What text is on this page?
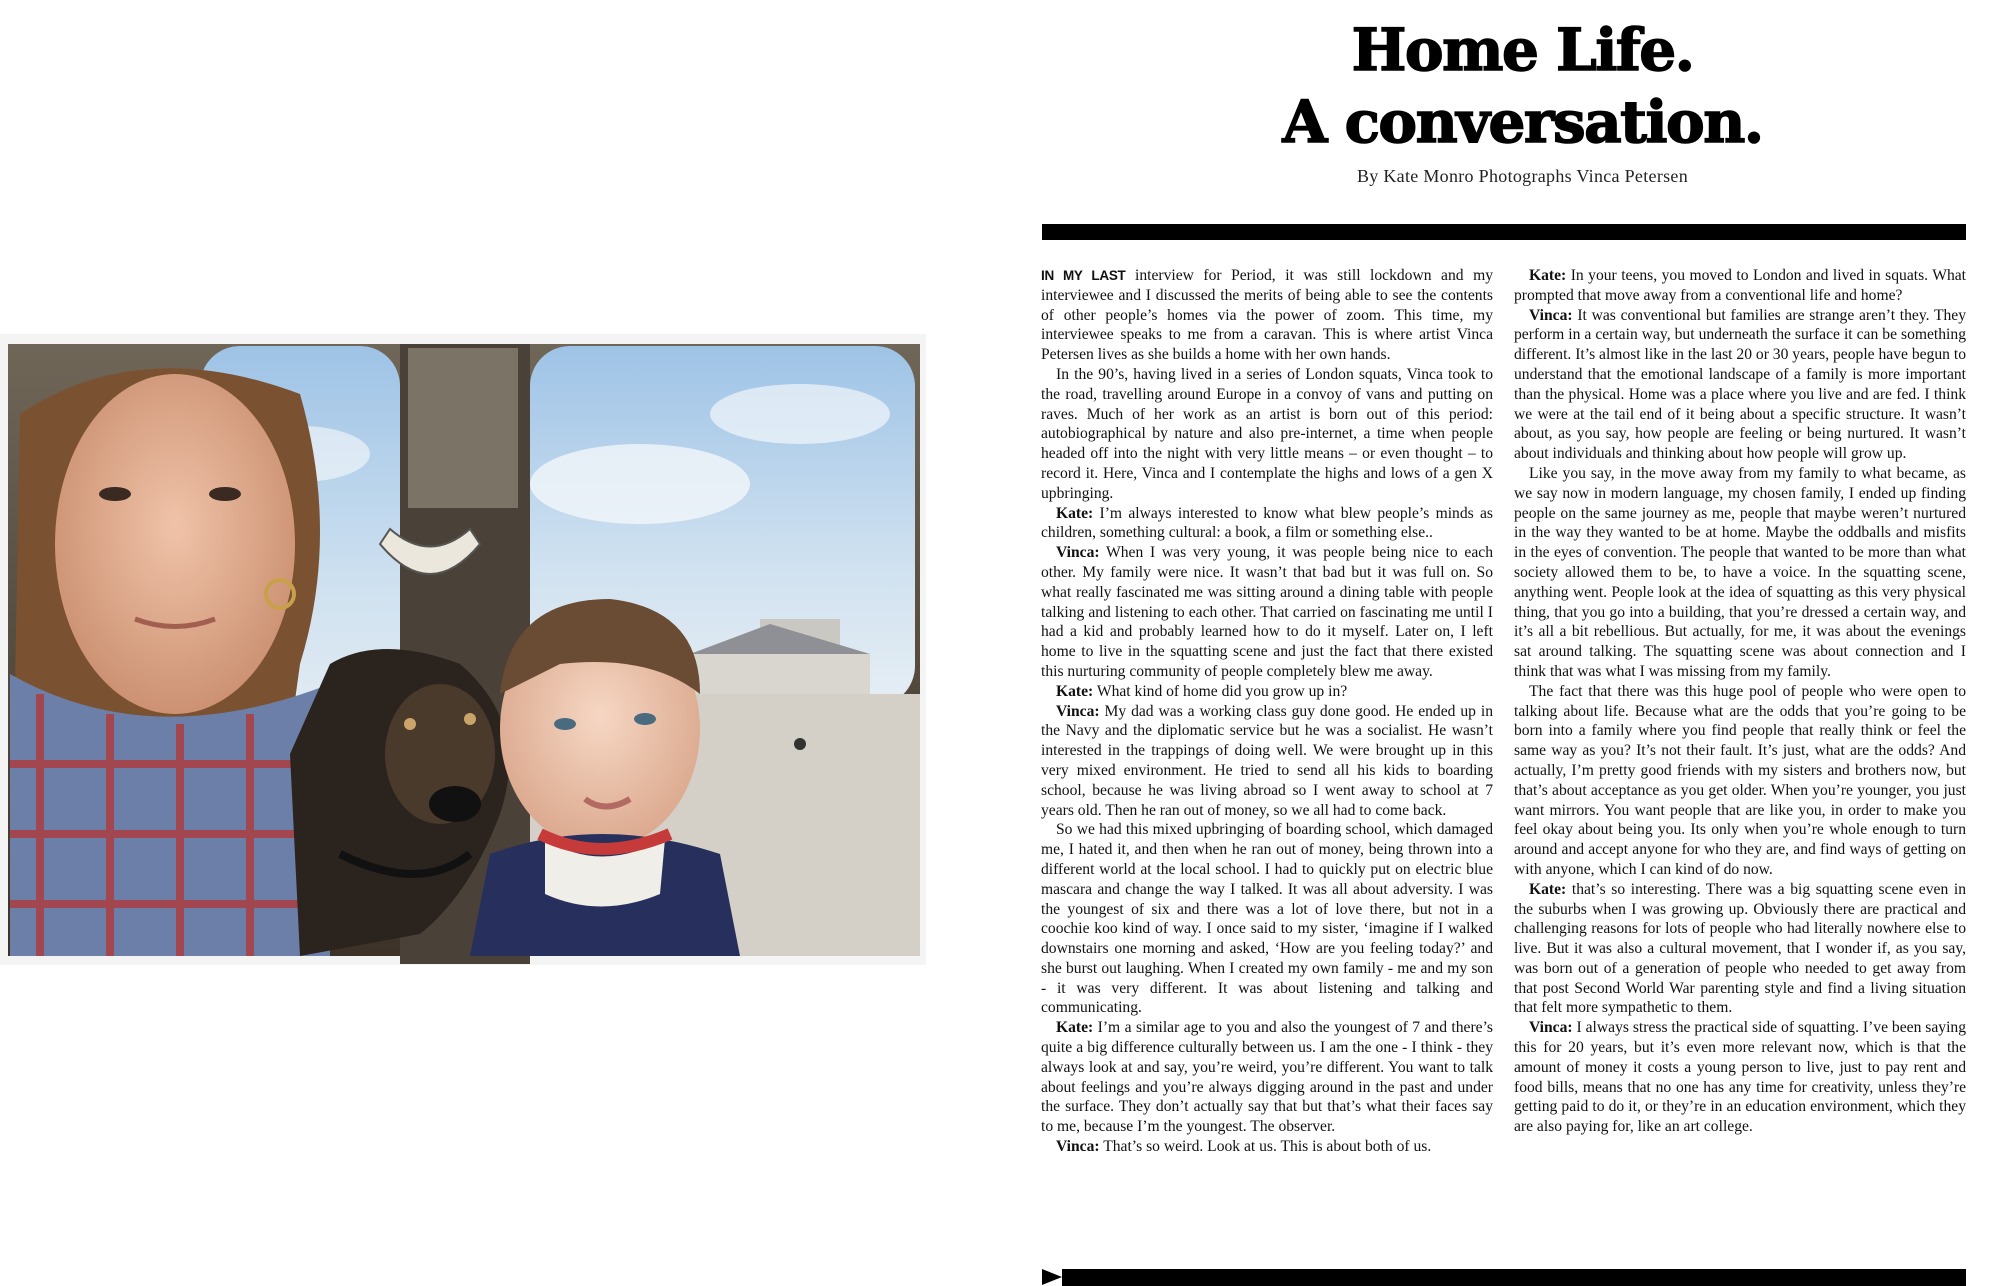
Home Life.
A conversation.
By Kate Monro Photographs Vinca Petersen

IN MY LAST interview for Period, it was still lockdown and my interviewee and I discussed the merits of being able to see the contents of other people’s homes via the power of zoom. This time, my interviewee speaks to me from a caravan. This is where artist Vinca Petersen lives as she builds a home with her own hands.

In the 90’s, having lived in a series of London squats, Vinca took to the road, travelling around Europe in a convoy of vans and putting on raves. Much of her work as an artist is born out of this period: autobiographical by nature and also pre-internet, a time when people headed off into the night with very little means – or even thought – to record it. Here, Vinca and I contemplate the highs and lows of a gen X upbringing.

Kate: I’m always interested to know what blew people’s minds as children, something cultural: a book, a film or something else..

Vinca: When I was very young, it was people being nice to each other. My family were nice. It wasn’t that bad but it was full on. So what really fascinated me was sitting around a dining table with people talking and listening to each other. That carried on fascinating me until I had a kid and probably learned how to do it myself. Later on, I left home to live in the squatting scene and just the fact that there existed this nurturing community of people completely blew me away.

Kate: What kind of home did you grow up in?

Vinca: My dad was a working class guy done good. He ended up in the Navy and the diplomatic service but he was a socialist. He wasn’t interested in the trappings of doing well. We were brought up in this very mixed environment. He tried to send all his kids to boarding school, because he was living abroad so I went away to school at 7 years old. Then he ran out of money, so we all had to come back.

So we had this mixed upbringing of boarding school, which damaged me, I hated it, and then when he ran out of money, being thrown into a different world at the local school. I had to quickly put on electric blue mascara and change the way I talked. It was all about adversity. I was the youngest of six and there was a lot of love there, but not in a coochie koo kind of way. I once said to my sister, ‘imagine if I walked downstairs one morning and asked, ‘How are you feeling today?’ and she burst out laughing. When I created my own family - me and my son - it was very different. It was about listening and talking and communicating.

Kate: I’m a similar age to you and also the youngest of 7 and there’s quite a big difference culturally between us. I am the one - I think - they always look at and say, you’re weird, you’re different. You want to talk about feelings and you’re always digging around in the past and under the surface. They don’t actually say that but that’s what their faces say to me, because I’m the youngest. The observer.

Vinca: That’s so weird. Look at us. This is about both of us.

Kate: In your teens, you moved to London and lived in squats. What prompted that move away from a conventional life and home?

Vinca: It was conventional but families are strange aren’t they. They perform in a certain way, but underneath the surface it can be something different. It’s almost like in the last 20 or 30 years, people have begun to understand that the emotional landscape of a family is more important than the physical. Home was a place where you live and are fed. I think we were at the tail end of it being about a specific structure. It wasn’t about, as you say, how people are feeling or being nurtured. It wasn’t about individuals and thinking about how people will grow up.

Like you say, in the move away from my family to what became, as we say now in modern language, my chosen family, I ended up finding people on the same journey as me, people that maybe weren’t nurtured in the way they wanted to be at home. Maybe the oddballs and misfits in the eyes of convention. The people that wanted to be more than what society allowed them to be, to have a voice. In the squatting scene, anything went. People look at the idea of squatting as this very physical thing, that you go into a building, that you’re dressed a certain way, and it’s all a bit rebellious. But actually, for me, it was about the evenings sat around talking. The squatting scene was about connection and I think that was what I was missing from my family.

The fact that there was this huge pool of people who were open to talking about life. Because what are the odds that you’re going to be born into a family where you find people that really think or feel the same way as you? It’s not their fault. It’s just, what are the odds? And actually, I’m pretty good friends with my sisters and brothers now, but that’s about acceptance as you get older. When you’re younger, you just want mirrors. You want people that are like you, in order to make you feel okay about being you. Its only when you’re whole enough to turn around and accept anyone for who they are, and find ways of getting on with anyone, which I can kind of do now.

Kate: that’s so interesting. There was a big squatting scene even in the suburbs when I was growing up. Obviously there are practical and challenging reasons for lots of people who had literally nowhere else to live. But it was also a cultural movement, that I wonder if, as you say, was born out of a generation of people who needed to get away from that post Second World War parenting style and find a living situation that felt more sympathetic to them.

Vinca: I always stress the practical side of squatting. I’ve been saying this for 20 years, but it’s even more relevant now, which is that the amount of money it costs a young person to live, just to pay rent and food bills, means that no one has any time for creativity, unless they’re getting paid to do it, or they’re in an education environment, which they are also paying for, like an art college.
